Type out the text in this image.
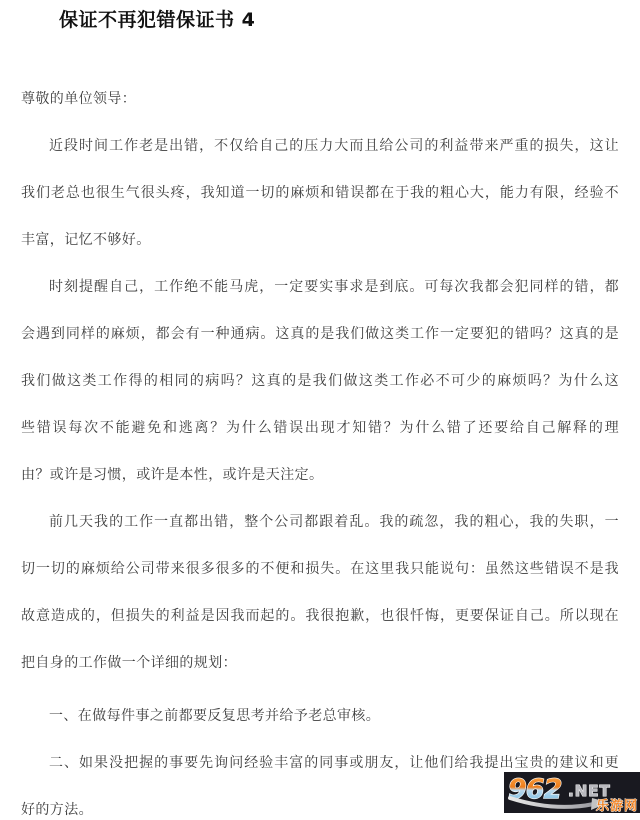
保证不再犯错保证书 4
尊敬的单位领导：
近段时间工作老是出错，不仅给自己的压力大而且给公司的利益带来严重的损失，这让
我们老总也很生气很头疼，我知道一切的麻烦和错误都在于我的粗心大，能力有限，经验不
丰富，记忆不够好。
时刻提醒自己，工作绝不能马虎，一定要实事求是到底。可每次我都会犯同样的错，都
会遇到同样的麻烦，都会有一种通病。这真的是我们做这类工作一定要犯的错吗？这真的是
我们做这类工作得的相同的病吗？这真的是我们做这类工作必不可少的麻烦吗？为什么这
些错误每次不能避免和逃离？为什么错误出现才知错？为什么错了还要给自己解释的理
由？或许是习惯，或许是本性，或许是天注定。
前几天我的工作一直都出错，整个公司都跟着乱。我的疏忽，我的粗心，我的失职，一
切一切的麻烦给公司带来很多很多的不便和损失。在这里我只能说句：虽然这些错误不是我
故意造成的，但损失的利益是因我而起的。我很抱歉，也很忏悔，更要保证自己。所以现在
把自身的工作做一个详细的规划：
一、在做每件事之前都要反复思考并给予老总审核。
二、如果没把握的事要先询问经验丰富的同事或朋友，让他们给我提出宝贵的建议和更
好的方法。
962 .NET
乐游网
